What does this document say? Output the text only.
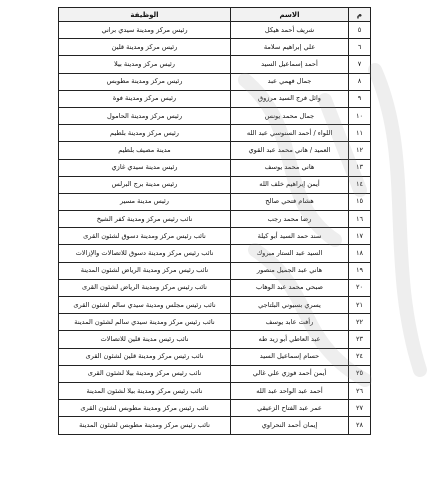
م	الاسم	الوظيفة
٥	شريف أحمد هيكل	رئيس مركز ومدينة سيدي براني
٦	علي إبراهيم سلامة	رئيس مركز ومدينة قلين
٧	أحمد إسماعيل السيد	رئيس مركز ومدينة بيلا
٨	جمال فهمي عبد	رئيس مركز ومدينة مطوبس
٩	وائل فرج السيد مرزوق	رئيس مركز ومدينة فوة
١٠	جمال محمد يونس	رئيس مركز ومدينة الحامول
١١	اللواء / أحمد السنوسي عبد الله	رئيس مركز ومدينة بلطيم
١٢	العميد / هاني محمد عبد القوي	مدينة مصيف بلطيم
١٣	هاني محمد يوسف	رئيس مدينة سيدي غازي
١٤	أيمن إبراهيم خلف الله	رئيس مدينة برج البرلس
١٥	هشام فتحي صالح	رئيس مدينة مسير
١٦	رضا محمد رجب	نائب رئيس مركز ومدينة كفر الشيخ
١٧	سند حمد السيد أبو كيلة	نائب رئيس مركز ومدينة دسوق لشئون القرى
١٨	السيد عبد الستار مبروك	نائب رئيس مركز ومدينة دسوق للاتصالات والإزالات
١٩	هاني عبد الجميل منصور	نائب رئيس مركز ومدينة الرياض لشئون المدينة
٢٠	صبحي محمد عبد الوهاب	نائب رئيس مركز ومدينة الرياض لشئون القرى
٢١	يسري بسيوني البلتاجي	نائب رئيس مجلس ومدينة سيدي سالم لشئون القرى
٢٢	رأفت عابد يوسف	نائب رئيس مركز ومدينة سيدي سالم لشئون المدينة
٢٣	عبد العاطي أبو زيد طه	نائب رئيس مدينة قلين للاتصالات
٢٤	حسام إسماعيل السيد	نائب رئيس مركز ومدينة قلين لشئون القرى
٢٥	أيمن أحمد فوزي علي غالي	نائب رئيس مركز ومدينة بيلا لشئون القرى
٢٦	أحمد عبد الواحد عبد الله	نائب رئيس مركز ومدينة بيلا لشئون المدينة
٢٧	عمر عبد الفتاح الزعيقي	نائب رئيس مركز ومدينة مطوبس لشئون القرى
٢٨	إيمان أحمد النحراوي	نائب رئيس مركز ومدينة مطوبس لشئون المدينة
